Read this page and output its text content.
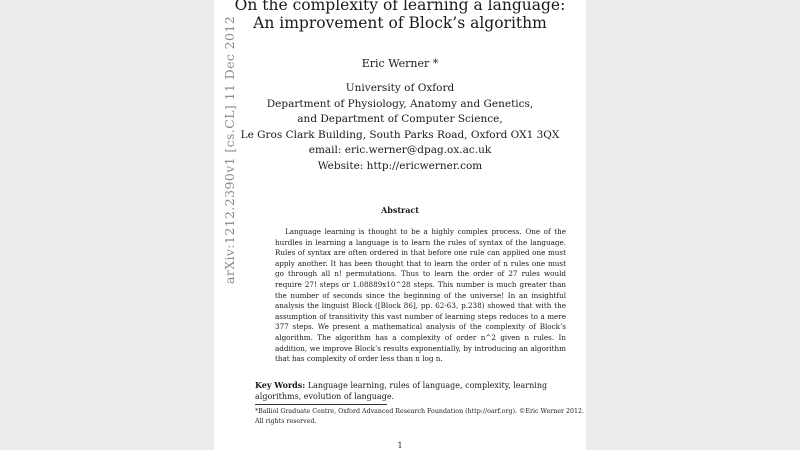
arXiv:1212.2390v1 [cs.CL] 11 Dec 2012
On the complexity of learning a language:
An improvement of Block’s algorithm
Eric Werner *
University of Oxford
Department of Physiology, Anatomy and Genetics,
and Department of Computer Science,
Le Gros Clark Building, South Parks Road, Oxford OX1 3QX
email: eric.werner@dpag.ox.ac.uk
Website: http://ericwerner.com
Abstract

Language learning is thought to be a highly complex process. One of the hurdles in learning a language is to learn the rules of syntax of the language. Rules of syntax are often ordered in that before one rule can applied one must apply another. It has been thought that to learn the order of n rules one must go through all n! permutations. Thus to learn the order of 27 rules would require 27! steps or 1.08889x10^28 steps. This number is much greater than the number of seconds since the beginning of the universe! In an insightful analysis the linguist Block ([Block 86], pp. 62-63, p.238) showed that with the assumption of transitivity this vast number of learning steps reduces to a mere 377 steps. We present a mathematical analysis of the complexity of Block’s algorithm. The algorithm has a complexity of order n^2 given n rules. In addition, we improve Block’s results exponentially, by introducing an algorithm that has complexity of order less than n log n.

Key Words: Language learning, rules of language, complexity, learning algorithms, evolution of language.

*Balliol Graduate Centre, Oxford Advanced Research Foundation (http://oarf.org). ©Eric Werner 2012. All rights reserved.

1
